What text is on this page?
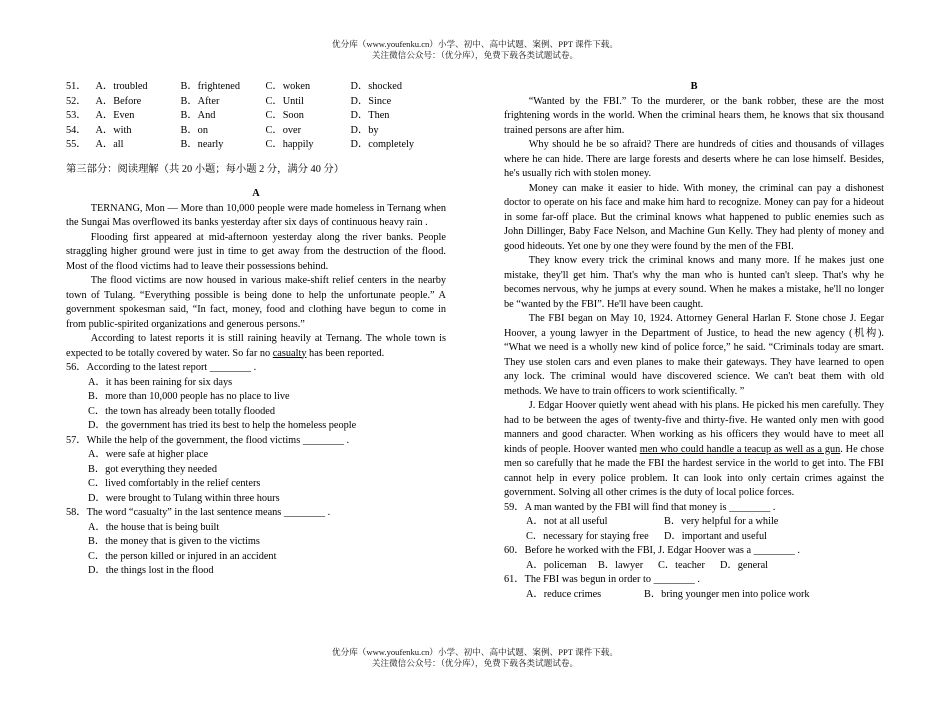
优分库（www.youfenku.cn）小学、初中、高中试题、案例、PPT 课件下载。
关注微信公众号：（优分库），免费下载各类试题试卷。
51． A．troubled	B．frightened	C．woken	D．shocked
52． A．Before	B．After	C．Until	D．Since
53． A．Even	B．And	C．Soon	D．Then
54． A．with	B．on	C．over	D．by
55． A．all	B．nearly	C．happily	D．completely
第三部分：阅读理解（共 20 小题；每小题 2 分，满分 40 分）
A

TERNANG, Mon — More than 10,000 people were made homeless in Ternang when the Sungai Mas overflowed its banks yesterday after six days of continuous heavy rain .

Flooding first appeared at mid-afternoon yesterday along the river banks. People straggling higher ground were just in time to get away from the destruction of the flood. Most of the flood victims had to leave their possessions behind.

The flood victims are now housed in various make-shift relief centers in the nearby town of Tulang. “Everything possible is being done to help the unfortunate people.” A government spokesman said, “In fact, money, food and clothing have begun to come in from public-spirited organizations and generous persons.”

According to latest reports it is still raining heavily at Ternang. The whole town is expected to be totally covered by water. So far no casualty has been reported.

56．According to the latest report ________ .

A．it has been raining for six days

B．more than 10,000 people has no place to live

C．the town has already been totally flooded

D．the government has tried its best to help the homeless people

57．While the help of the government, the flood victims ________ .

A．were safe at higher place

B．got everything they needed

C．lived comfortably in the relief centers

D．were brought to Tulang within three hours

58．The word “casualty” in the last sentence means ________ .

A．the house that is being built

B．the money that is given to the victims

C．the person killed or injured in an accident

D．the things lost in the flood

B

“Wanted by the FBI.” To the murderer, or the bank robber, these are the most frightening words in the world. When the criminal hears them, he knows that six thousand trained persons are after him.

Why should he be so afraid? There are hundreds of cities and thousands of villages where he can hide. There are large forests and deserts where he can lose himself. Besides, he's usually rich with stolen money.

Money can make it easier to hide. With money, the criminal can pay a dishonest doctor to operate on his face and make him hard to recognize. Money can pay for a hideout in some far-off place. But the criminal knows what happened to public enemies such as John Dillinger, Baby Face Nelson, and Machine Gun Kelly. They had plenty of money and good hideouts. Yet one by one they were found by the men of the FBI.

They know every trick the criminal knows and many more. If he makes just one mistake, they'll get him. That's why the man who is hunted can't sleep. That's why he becomes nervous, why he jumps at every sound. When he makes a mistake, he'll no longer be “wanted by the FBI”. He'll have been caught.

The FBI began on May 10, 1924. Attorney General Harlan F. Stone chose J. Eegar Hoover, a young lawyer in the Department of Justice, to head the new agency (机构). “What we need is a wholly new kind of police force,” he said. “Criminals today are smart. They use stolen cars and even planes to make their gateways. They have learned to open any lock. The criminal would have discovered science. We can't beat them with old methods. We have to train officers to work scientifically. ”

J. Edgar Hoover quietly went ahead with his plans. He picked his men carefully. They had to be between the ages of twenty-five and thirty-five. He wanted only men with good manners and good character. When working as his officers they would have to meet all kinds of people. Hoover wanted men who could handle a teacup as well as a gun. He chose men so carefully that he made the FBI the hardest service in the world to get into. The FBI cannot help in every police problem. It can look into only certain crimes against the government. Solving all other crimes is the duty of local police forces.

59．A man wanted by the FBI will find that money is ________ .

A．not at all useful	B．very helpful for a while
C．necessary for staying free	D．important and useful

60．Before he worked with the FBI, J. Edgar Hoover was a ________ .

A．policeman	B．lawyer	C．teacher	D．general

61．The FBI was begun in order to ________ .

A．reduce crimes	B．bring younger men into police work
优分库（www.youfenku.cn）小学、初中、高中试题、案例、PPT 课件下载。
关注微信公众号：（优分库），免费下载各类试题试卷。
